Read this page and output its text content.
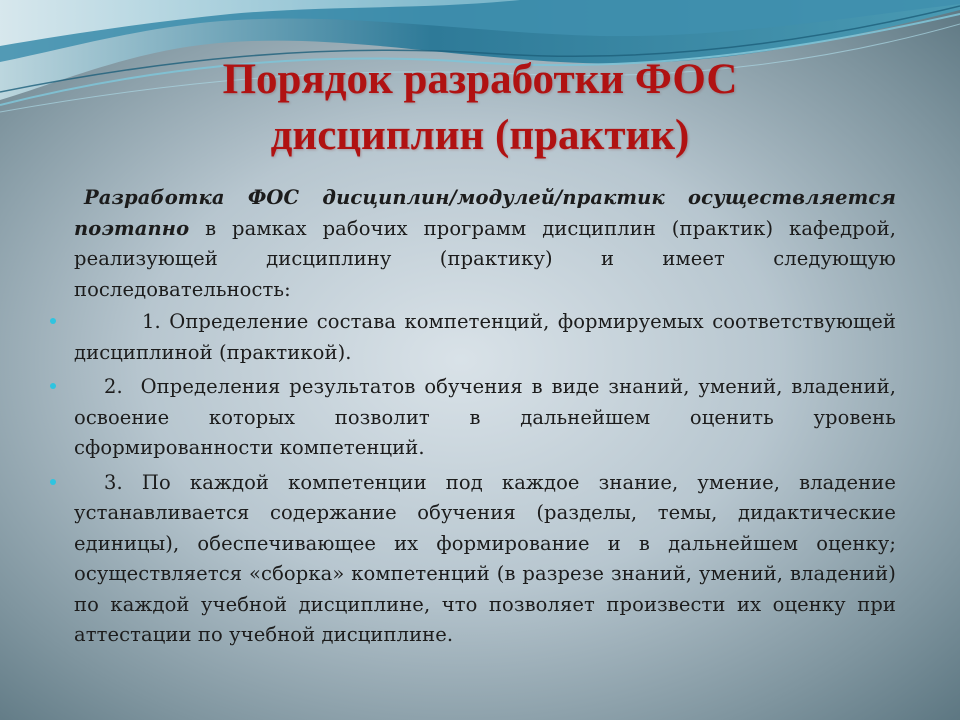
Порядок разработки ФОС
дисциплин (практик)

Разработка ФОС дисциплин/модулей/практик осуществляется поэтапно в рамках рабочих программ дисциплин (практик) кафедрой, реализующей дисциплину (практику) и имеет следующую последовательность:

1. Определение состава компетенций, формируемых соответствующей дисциплиной (практикой).

2. Определения результатов обучения в виде знаний, умений, владений, освоение которых позволит в дальнейшем оценить уровень сформированности компетенций.

3. По каждой компетенции под каждое знание, умение, владение устанавливается содержание обучения (разделы, темы, дидактические единицы), обеспечивающее их формирование и в дальнейшем оценку; осуществляется «сборка» компетенций (в разрезе знаний, умений, владений) по каждой учебной дисциплине, что позволяет произвести их оценку при аттестации по учебной дисциплине.
